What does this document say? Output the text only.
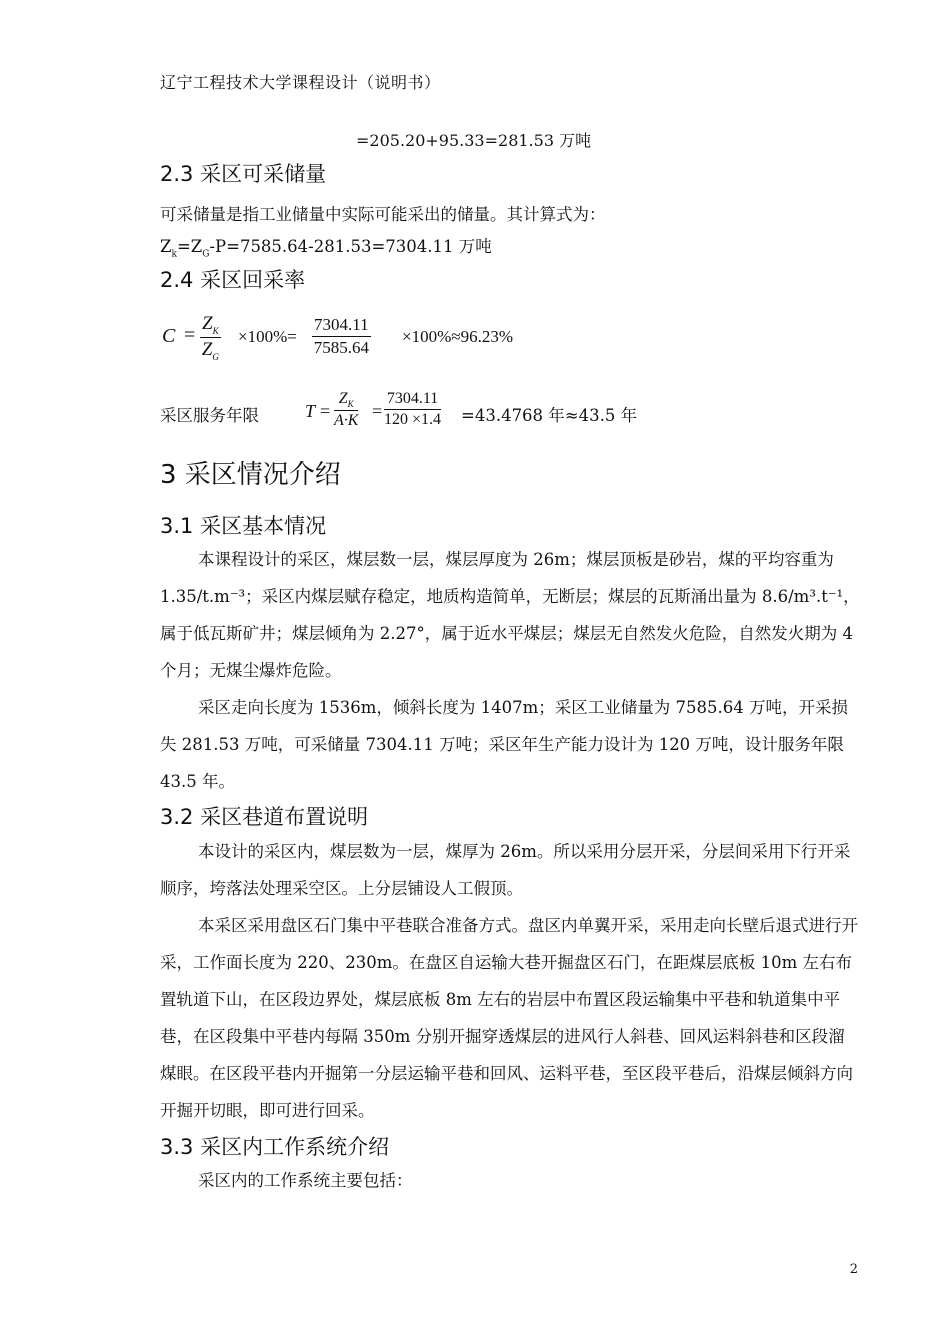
辽宁工程技术大学课程设计（说明书）
=205.20+95.33=281.53 万吨
2.3 采区可采储量
可采储量是指工业储量中实际可能采出的储量。其计算式为：
$Z_k=Z_G-P=7585.64-281.53=7304.11$ 万吨
2.4 采区回采率
$C = \frac{Z_K}{Z_G} \times 100\%= \frac{7304.11}{7585.64} \times 100\%\approx 96.23\%$
采区服务年限	$T = \frac{Z_K}{A\cdot K} = \frac{7304.11}{120 \times 1.4} =43.4768$ 年≈43.5 年
3 采区情况介绍
3.1 采区基本情况

本课程设计的采区，煤层数一层，煤层厚度为 26m；煤层顶板是砂岩，煤的平均容重为 1.35/t.m⁻³；采区内煤层赋存稳定，地质构造简单，无断层；煤层的瓦斯涌出量为 8.6/m³.t⁻¹，属于低瓦斯矿井；煤层倾角为 2.27°，属于近水平煤层；煤层无自然发火危险，自然发火期为 4 个月；无煤尘爆炸危险。

采区走向长度为 1536m，倾斜长度为 1407m；采区工业储量为 7585.64 万吨，开采损失 281.53 万吨，可采储量 7304.11 万吨；采区年生产能力设计为 120 万吨，设计服务年限 43.5 年。

3.2 采区巷道布置说明

本设计的采区内，煤层数为一层，煤厚为 26m。所以采用分层开采，分层间采用下行开采顺序，垮落法处理采空区。上分层铺设人工假顶。

本采区采用盘区石门集中平巷联合准备方式。盘区内单翼开采，采用走向长壁后退式进行开采，工作面长度为 220、230m。在盘区自运输大巷开掘盘区石门，在距煤层底板 10m 左右布置轨道下山，在区段边界处，煤层底板 8m 左右的岩层中布置区段运输集中平巷和轨道集中平巷，在区段集中平巷内每隔 350m 分别开掘穿透煤层的进风行人斜巷、回风运料斜巷和区段溜煤眼。在区段平巷内开掘第一分层运输平巷和回风、运料平巷，至区段平巷后，沿煤层倾斜方向开掘开切眼，即可进行回采。

3.3 采区内工作系统介绍

采区内的工作系统主要包括：

2
